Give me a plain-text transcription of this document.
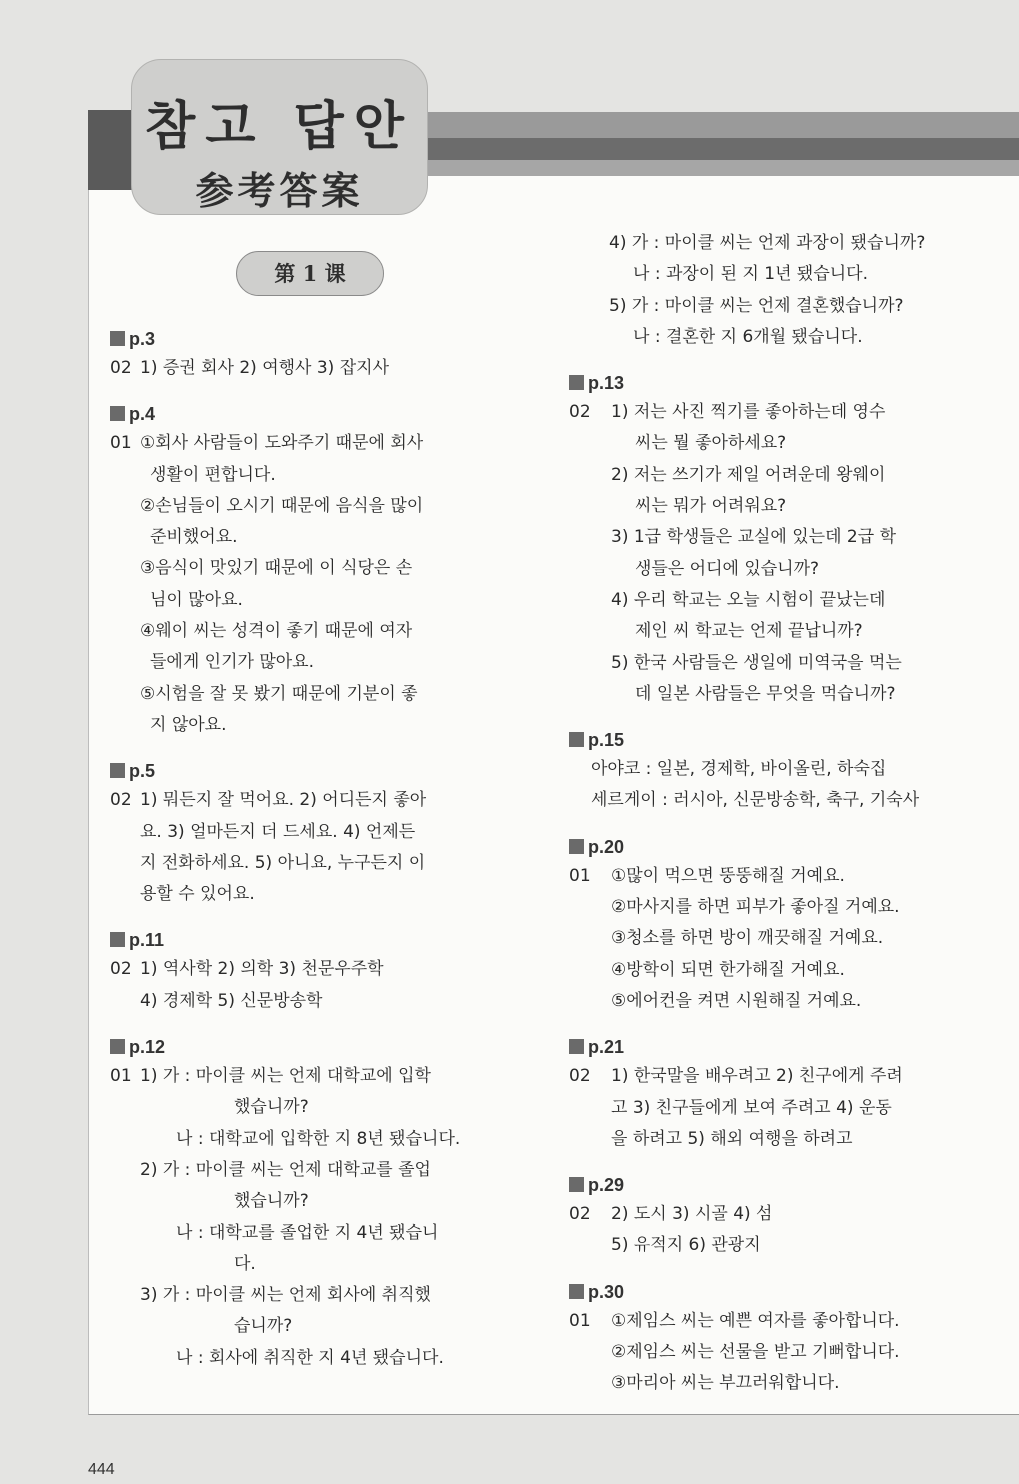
참고 답안
参考答案
第 1 课
p.3
02 1) 증권 회사 2) 여행사 3) 잡지사
p.4
01 ①회사 사람들이 도와주기 때문에 회사
생활이 편합니다.
②손님들이 오시기 때문에 음식을 많이
준비했어요.
③음식이 맛있기 때문에 이 식당은 손
님이 많아요.
④웨이 씨는 성격이 좋기 때문에 여자
들에게 인기가 많아요.
⑤시험을 잘 못 봤기 때문에 기분이 좋
지 않아요.
p.5
02 1) 뭐든지 잘 먹어요. 2) 어디든지 좋아
요. 3) 얼마든지 더 드세요. 4) 언제든
지 전화하세요. 5) 아니요, 누구든지 이
용할 수 있어요.
p.11
02 1) 역사학 2) 의학 3) 천문우주학
4) 경제학 5) 신문방송학
p.12
01 1) 가 : 마이클 씨는 언제 대학교에 입학
했습니까?
나 : 대학교에 입학한 지 8년 됐습니다.
2) 가 : 마이클 씨는 언제 대학교를 졸업
했습니까?
나 : 대학교를 졸업한 지 4년 됐습니
다.
3) 가 : 마이클 씨는 언제 회사에 취직했
습니까?
나 : 회사에 취직한 지 4년 됐습니다.
4) 가 : 마이클 씨는 언제 과장이 됐습니까?
나 : 과장이 된 지 1년 됐습니다.
5) 가 : 마이클 씨는 언제 결혼했습니까?
나 : 결혼한 지 6개월 됐습니다.
p.13
02 1) 저는 사진 찍기를 좋아하는데 영수
씨는 뭘 좋아하세요?
2) 저는 쓰기가 제일 어려운데 왕웨이
씨는 뭐가 어려워요?
3) 1급 학생들은 교실에 있는데 2급 학
생들은 어디에 있습니까?
4) 우리 학교는 오늘 시험이 끝났는데
제인 씨 학교는 언제 끝납니까?
5) 한국 사람들은 생일에 미역국을 먹는
데 일본 사람들은 무엇을 먹습니까?
p.15
아야코 : 일본, 경제학, 바이올린, 하숙집
세르게이 : 러시아, 신문방송학, 축구, 기숙사
p.20
01 ①많이 먹으면 뚱뚱해질 거예요.
②마사지를 하면 피부가 좋아질 거예요.
③청소를 하면 방이 깨끗해질 거예요.
④방학이 되면 한가해질 거예요.
⑤에어컨을 켜면 시원해질 거예요.
p.21
02 1) 한국말을 배우려고 2) 친구에게 주려
고 3) 친구들에게 보여 주려고 4) 운동
을 하려고 5) 해외 여행을 하려고
p.29
02 2) 도시 3) 시골 4) 섬
5) 유적지 6) 관광지
p.30
01 ①제임스 씨는 예쁜 여자를 좋아합니다.
②제임스 씨는 선물을 받고 기뻐합니다.
③마리아 씨는 부끄러워합니다.
444
